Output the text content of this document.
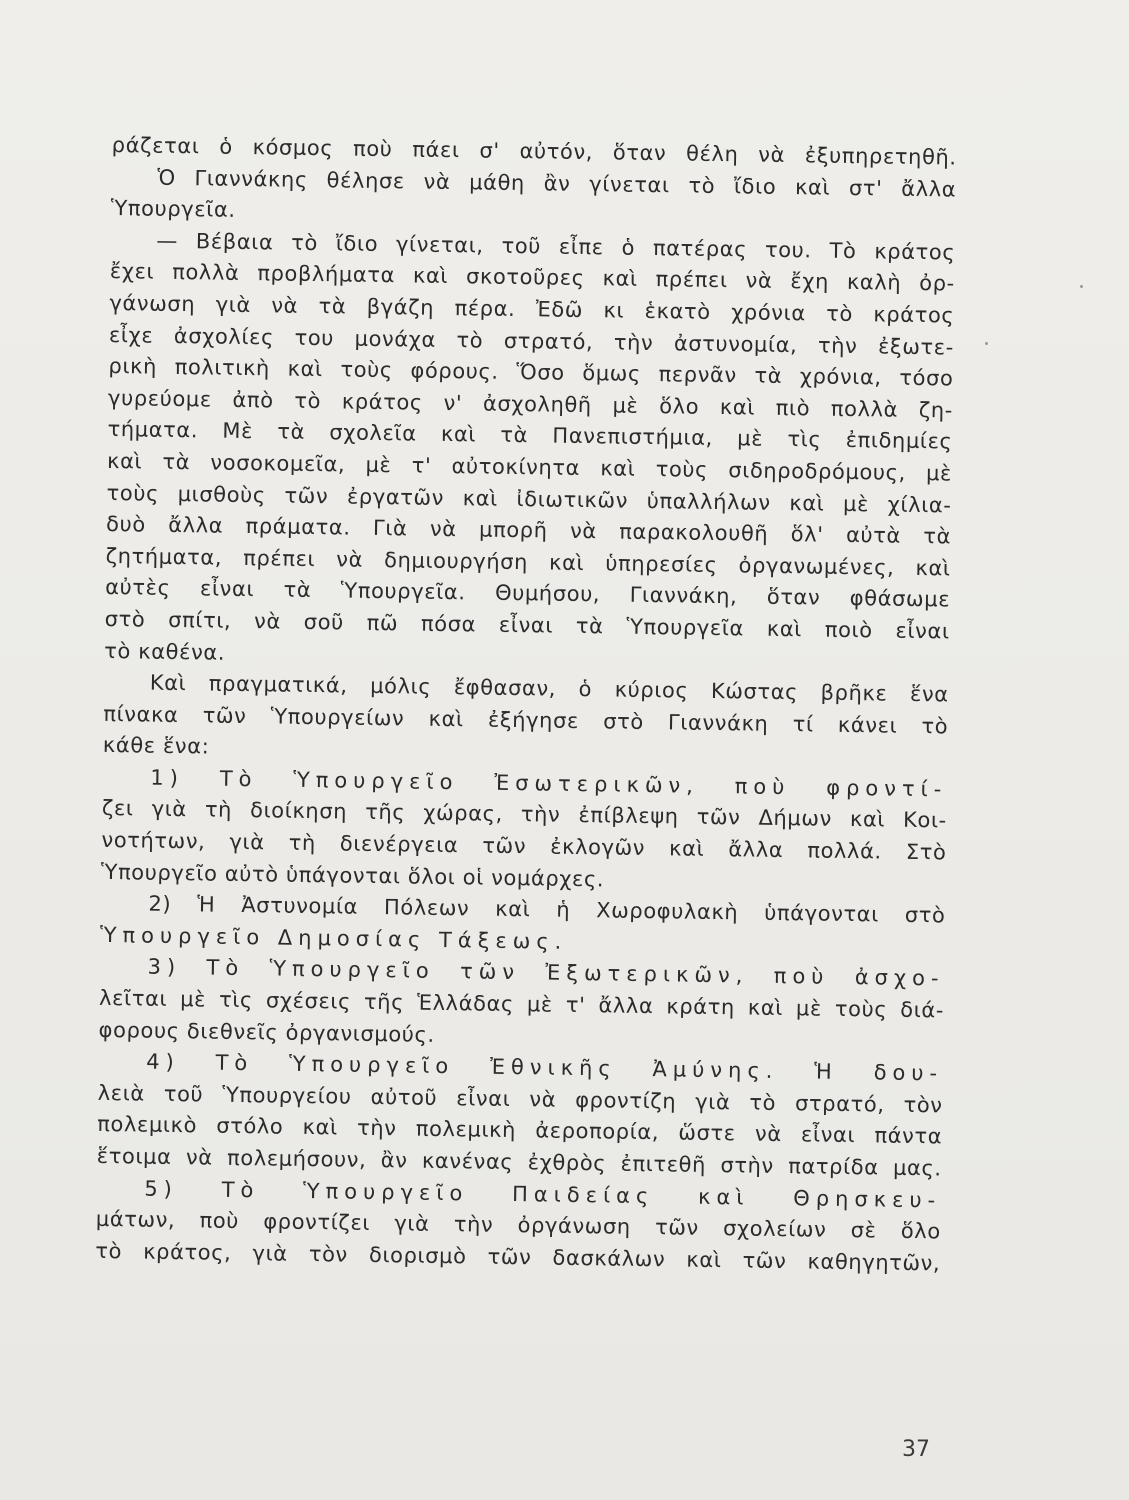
ράζεται ὁ κόσμος ποὺ πάει σ' αὐτόν, ὅταν θέλη νὰ ἐξυπηρετηθῆ.
Ὁ Γιαννάκης θέλησε νὰ μάθη ἂν γίνεται τὸ ἴδιο καὶ στ' ἄλλα
Ὑπουργεῖα.
— Βέβαια τὸ ἴδιο γίνεται, τοῦ εἶπε ὁ πατέρας του. Τὸ κράτος
ἔχει πολλὰ προβλήματα καὶ σκοτοῦρες καὶ πρέπει νὰ ἔχη καλὴ ὀρ-
γάνωση γιὰ νὰ τὰ βγάζη πέρα. Ἐδῶ κι ἑκατὸ χρόνια τὸ κράτος
εἶχε ἀσχολίες του μονάχα τὸ στρατό, τὴν ἀστυνομία, τὴν ἐξωτε-
ρικὴ πολιτικὴ καὶ τοὺς φόρους. Ὅσο ὅμως περνᾶν τὰ χρόνια, τόσο
γυρεύομε ἀπὸ τὸ κράτος ν' ἀσχοληθῆ μὲ ὅλο καὶ πιὸ πολλὰ ζη-
τήματα. Μὲ τὰ σχολεῖα καὶ τὰ Πανεπιστήμια, μὲ τὶς ἐπιδημίες
καὶ τὰ νοσοκομεῖα, μὲ τ' αὐτοκίνητα καὶ τοὺς σιδηροδρόμους, μὲ
τοὺς μισθοὺς τῶν ἐργατῶν καὶ ἰδιωτικῶν ὑπαλλήλων καὶ μὲ χίλια-
δυὸ ἄλλα πράματα. Γιὰ νὰ μπορῆ νὰ παρακολουθῆ ὅλ' αὐτὰ τὰ
ζητήματα, πρέπει νὰ δημιουργήση καὶ ὑπηρεσίες ὀργανωμένες, καὶ
αὐτὲς εἶναι τὰ Ὑπουργεῖα. Θυμήσου, Γιαννάκη, ὅταν φθάσωμε
στὸ σπίτι, νὰ σοῦ πῶ πόσα εἶναι τὰ Ὑπουργεῖα καὶ ποιὸ εἶναι
τὸ καθένα.
Καὶ πραγματικά, μόλις ἔφθασαν, ὁ κύριος Κώστας βρῆκε ἕνα
πίνακα τῶν Ὑπουργείων καὶ ἐξήγησε στὸ Γιαννάκη τί κάνει τὸ
κάθε ἕνα:
1) Τὸ Ὑπουργεῖο Ἐσωτερικῶν, ποὺ φροντί-
ζει γιὰ τὴ διοίκηση τῆς χώρας, τὴν ἐπίβλεψη τῶν Δήμων καὶ Κοι-
νοτήτων, γιὰ τὴ διενέργεια τῶν ἐκλογῶν καὶ ἄλλα πολλά. Στὸ
Ὑπουργεῖο αὐτὸ ὑπάγονται ὅλοι οἱ νομάρχες.
2) Ἡ Ἀστυνομία Πόλεων καὶ ἡ Χωροφυλακὴ ὑπάγονται στὸ
Ὑπουργεῖο Δημοσίας Τάξεως.
3) Τὸ Ὑπουργεῖο τῶν Ἐξωτερικῶν, ποὺ ἀσχο-
λεῖται μὲ τὶς σχέσεις τῆς Ἑλλάδας μὲ τ' ἄλλα κράτη καὶ μὲ τοὺς διά-
φορους διεθνεῖς ὀργανισμούς.
4) Τὸ Ὑπουργεῖο Ἐθνικῆς Ἀμύνης. Ἡ δου-
λειὰ τοῦ Ὑπουργείου αὐτοῦ εἶναι νὰ φροντίζη γιὰ τὸ στρατό, τὸν
πολεμικὸ στόλο καὶ τὴν πολεμικὴ ἀεροπορία, ὥστε νὰ εἶναι πάντα
ἕτοιμα νὰ πολεμήσουν, ἂν κανένας ἐχθρὸς ἐπιτεθῆ στὴν πατρίδα μας.
5) Τὸ Ὑπουργεῖο Παιδείας καὶ Θρησκευ-
μάτων, ποὺ φροντίζει γιὰ τὴν ὀργάνωση τῶν σχολείων σὲ ὅλο
τὸ κράτος, γιὰ τὸν διορισμὸ τῶν δασκάλων καὶ τῶν καθηγητῶν,
37
